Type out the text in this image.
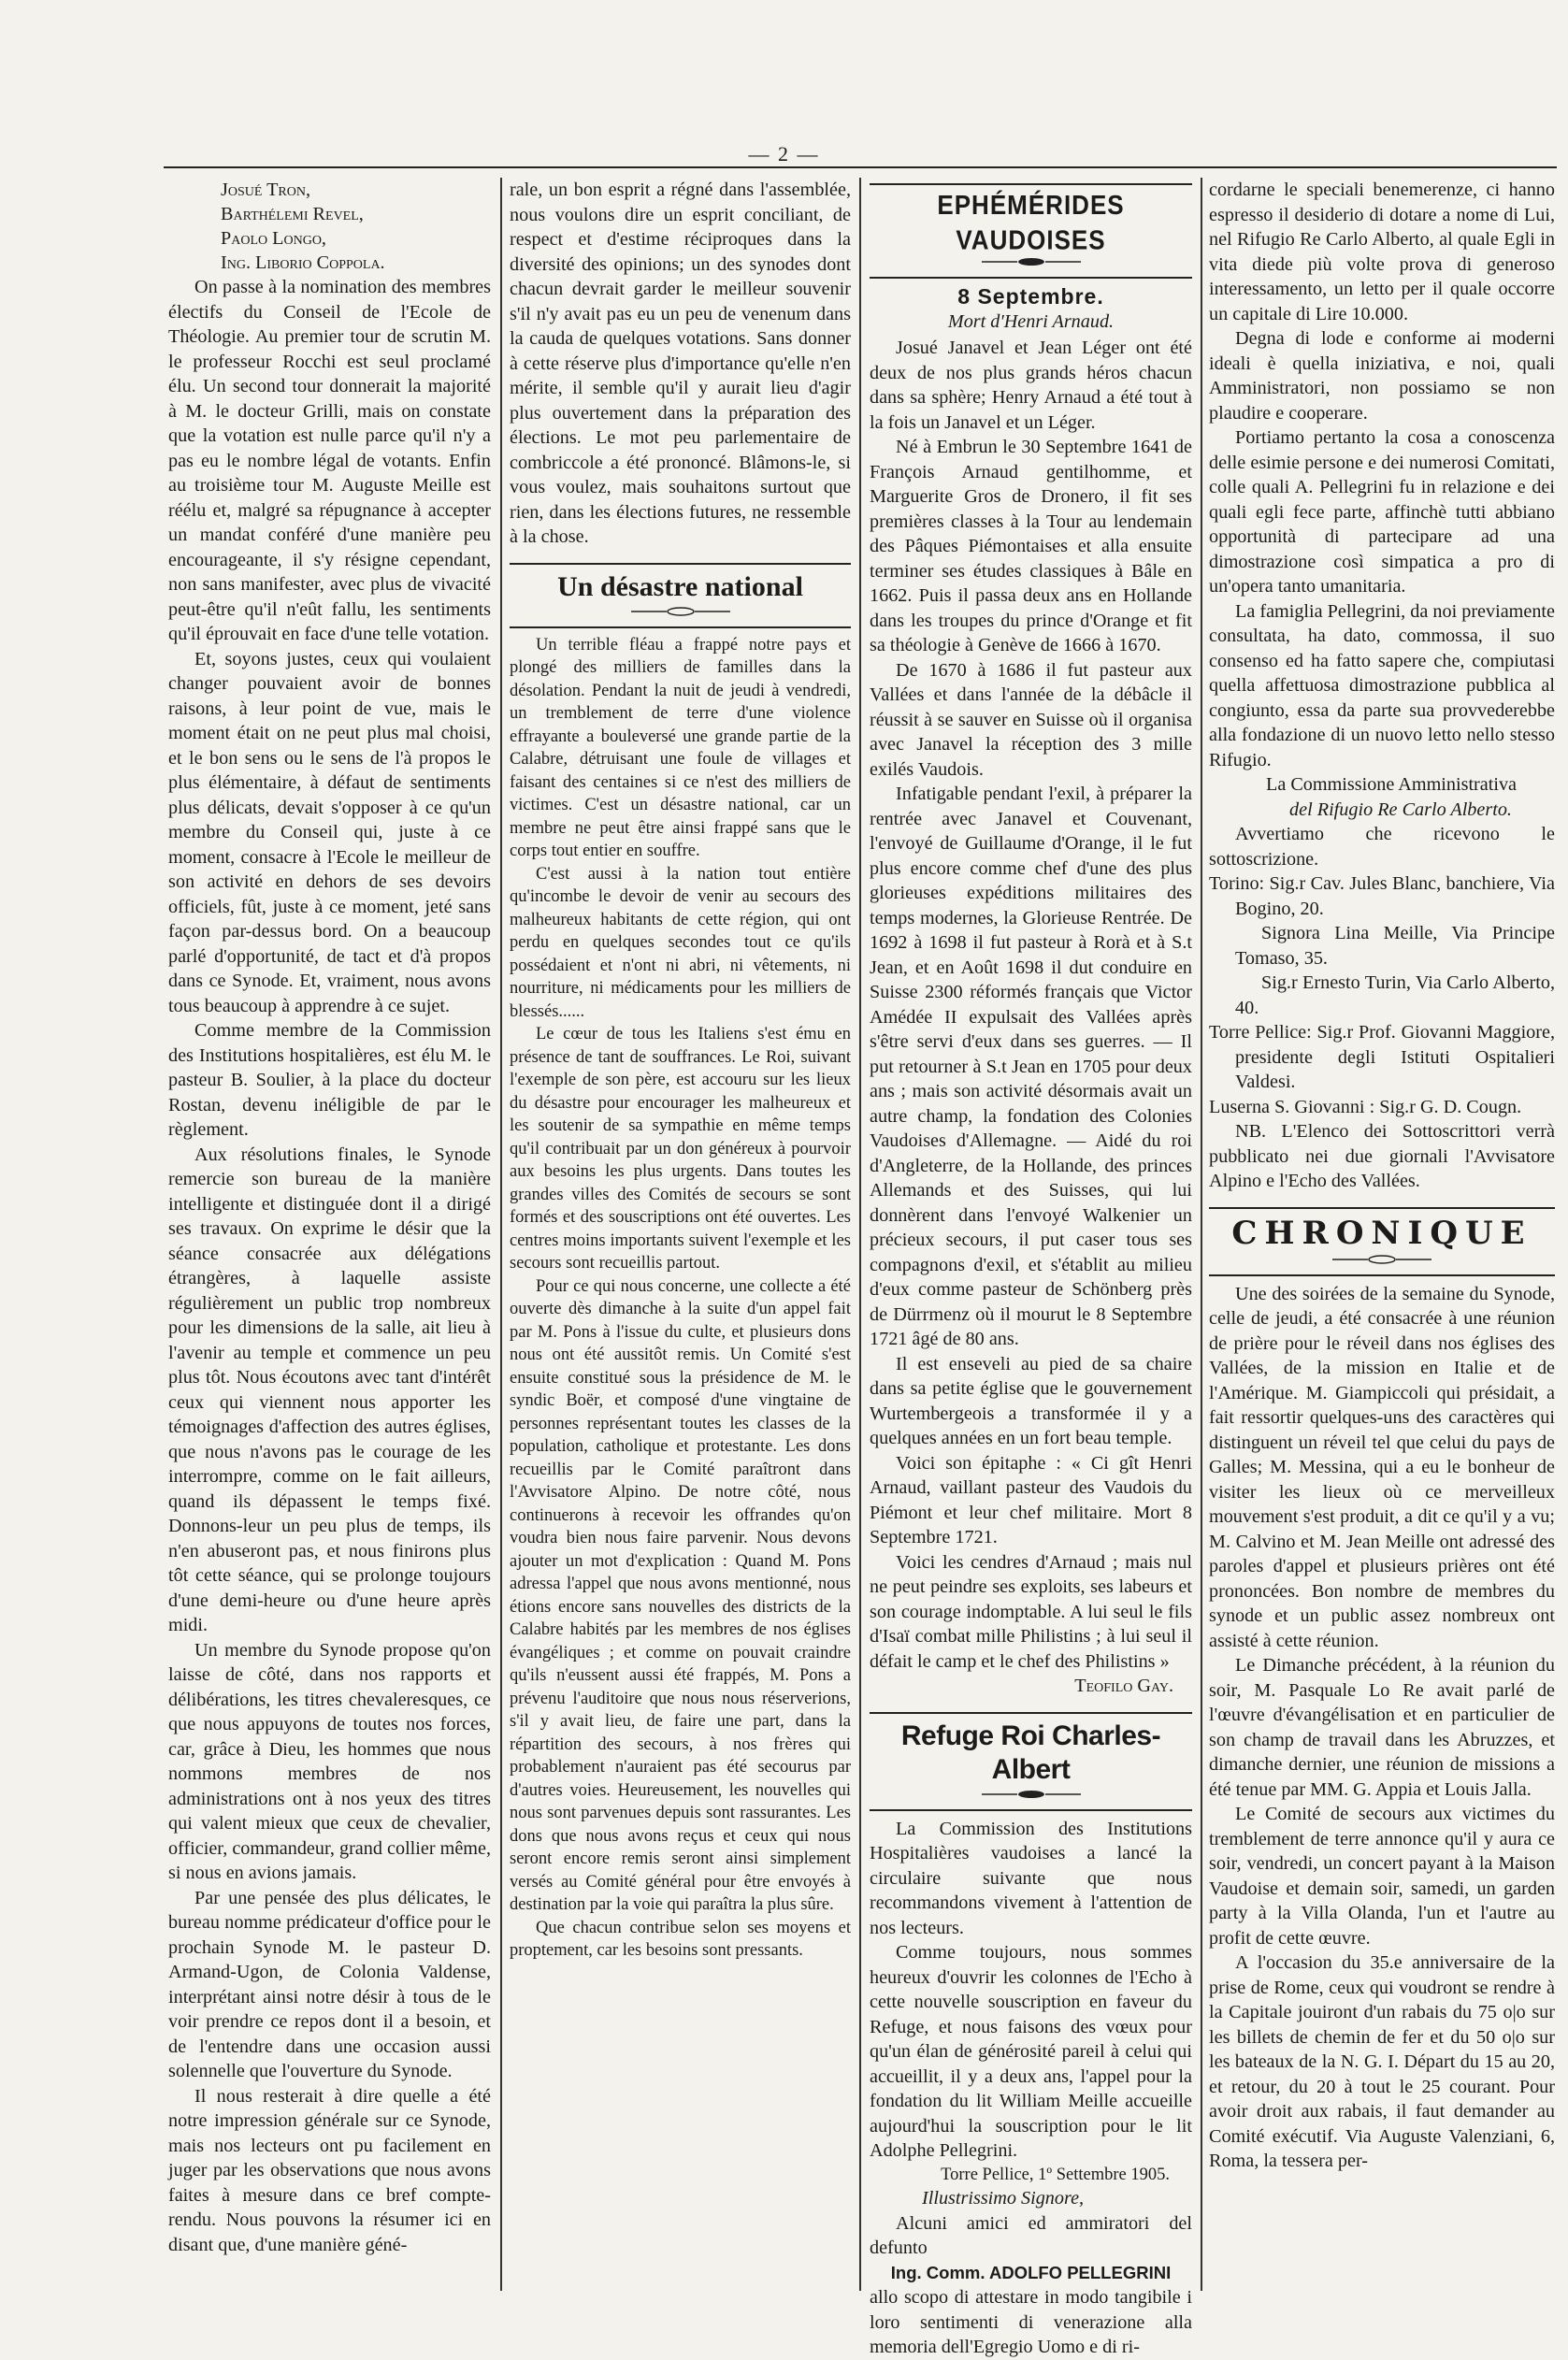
— 2 —

Josué Tron,

Barthélemi Revel,

Paolo Longo,

Ing. Liborio Coppola.

On passe à la nomination des membres électifs du Conseil de l'Ecole de Théologie. Au premier tour de scrutin M. le professeur Rocchi est seul proclamé élu. Un second tour donnerait la majorité à M. le docteur Grilli, mais on constate que la votation est nulle parce qu'il n'y a pas eu le nombre légal de votants. Enfin au troisième tour M. Auguste Meille est réélu et, malgré sa répugnance à accepter un mandat conféré d'une manière peu encourageante, il s'y résigne cependant, non sans manifester, avec plus de vivacité peut-être qu'il n'eût fallu, les sentiments qu'il éprouvait en face d'une telle votation.

Et, soyons justes, ceux qui voulaient changer pouvaient avoir de bonnes raisons, à leur point de vue, mais le moment était on ne peut plus mal choisi, et le bon sens ou le sens de l'à propos le plus élémentaire, à défaut de sentiments plus délicats, devait s'opposer à ce qu'un membre du Conseil qui, juste à ce moment, consacre à l'Ecole le meilleur de son activité en dehors de ses devoirs officiels, fût, juste à ce moment, jeté sans façon par-dessus bord. On a beaucoup parlé d'opportunité, de tact et d'à propos dans ce Synode. Et, vraiment, nous avons tous beaucoup à apprendre à ce sujet.

Comme membre de la Commission des Institutions hospitalières, est élu M. le pasteur B. Soulier, à la place du docteur Rostan, devenu inéligible de par le règlement.

Aux résolutions finales, le Synode remercie son bureau de la manière intelligente et distinguée dont il a dirigé ses travaux. On exprime le désir que la séance consacrée aux délégations étrangères, à laquelle assiste régulièrement un public trop nombreux pour les dimensions de la salle, ait lieu à l'avenir au temple et commence un peu plus tôt. Nous écoutons avec tant d'intérêt ceux qui viennent nous apporter les témoignages d'affection des autres églises, que nous n'avons pas le courage de les interrompre, comme on le fait ailleurs, quand ils dépassent le temps fixé. Donnons-leur un peu plus de temps, ils n'en abuseront pas, et nous finirons plus tôt cette séance, qui se prolonge toujours d'une demi-heure ou d'une heure après midi.

Un membre du Synode propose qu'on laisse de côté, dans nos rapports et délibérations, les titres chevaleresques, ce que nous appuyons de toutes nos forces, car, grâce à Dieu, les hommes que nous nommons membres de nos administrations ont à nos yeux des titres qui valent mieux que ceux de chevalier, officier, commandeur, grand collier même, si nous en avions jamais.

Par une pensée des plus délicates, le bureau nomme prédicateur d'office pour le prochain Synode M. le pasteur D. Armand-Ugon, de Colonia Valdense, interprétant ainsi notre désir à tous de le voir prendre ce repos dont il a besoin, et de l'entendre dans une occasion aussi solennelle que l'ouverture du Synode.

Il nous resterait à dire quelle a été notre impression générale sur ce Synode, mais nos lecteurs ont pu facilement en juger par les observations que nous avons faites à mesure dans ce bref compte-rendu. Nous pouvons la résumer ici en disant que, d'une manière géné-

rale, un bon esprit a régné dans l'assemblée, nous voulons dire un esprit conciliant, de respect et d'estime réciproques dans la diversité des opinions; un des synodes dont chacun devrait garder le meilleur souvenir s'il n'y avait pas eu un peu de venenum dans la cauda de quelques votations. Sans donner à cette réserve plus d'importance qu'elle n'en mérite, il semble qu'il y aurait lieu d'agir plus ouvertement dans la préparation des élections. Le mot peu parlementaire de combriccole a été prononcé. Blâmons-le, si vous voulez, mais souhaitons surtout que rien, dans les élections futures, ne ressemble à la chose.

Un désastre national

Un terrible fléau a frappé notre pays et plongé des milliers de familles dans la désolation. Pendant la nuit de jeudi à vendredi, un tremblement de terre d'une violence effrayante a bouleversé une grande partie de la Calabre, détruisant une foule de villages et faisant des centaines si ce n'est des milliers de victimes. C'est un désastre national, car un membre ne peut être ainsi frappé sans que le corps tout entier en souffre.

C'est aussi à la nation tout entière qu'incombe le devoir de venir au secours des malheureux habitants de cette région, qui ont perdu en quelques secondes tout ce qu'ils possédaient et n'ont ni abri, ni vêtements, ni nourriture, ni médicaments pour les milliers de blessés......

Le cœur de tous les Italiens s'est ému en présence de tant de souffrances. Le Roi, suivant l'exemple de son père, est accouru sur les lieux du désastre pour encourager les malheureux et les soutenir de sa sympathie en même temps qu'il contribuait par un don généreux à pourvoir aux besoins les plus urgents. Dans toutes les grandes villes des Comités de secours se sont formés et des souscriptions ont été ouvertes. Les centres moins importants suivent l'exemple et les secours sont recueillis partout.

Pour ce qui nous concerne, une collecte a été ouverte dès dimanche à la suite d'un appel fait par M. Pons à l'issue du culte, et plusieurs dons nous ont été aussitôt remis. Un Comité s'est ensuite constitué sous la présidence de M. le syndic Boër, et composé d'une vingtaine de personnes représentant toutes les classes de la population, catholique et protestante. Les dons recueillis par le Comité paraîtront dans l'Avvisatore Alpino. De notre côté, nous continuerons à recevoir les offrandes qu'on voudra bien nous faire parvenir. Nous devons ajouter un mot d'explication : Quand M. Pons adressa l'appel que nous avons mentionné, nous étions encore sans nouvelles des districts de la Calabre habités par les membres de nos églises évangéliques ; et comme on pouvait craindre qu'ils n'eussent aussi été frappés, M. Pons a prévenu l'auditoire que nous nous réserverions, s'il y avait lieu, de faire une part, dans la répartition des secours, à nos frères qui probablement n'auraient pas été secourus par d'autres voies. Heureusement, les nouvelles qui nous sont parvenues depuis sont rassurantes. Les dons que nous avons reçus et ceux qui nous seront encore remis seront ainsi simplement versés au Comité général pour être envoyés à destination par la voie qui paraîtra la plus sûre.

Que chacun contribue selon ses moyens et proptement, car les besoins sont pressants.

EPHÉMÉRIDES VAUDOISES
8 Septembre.
Mort d'Henri Arnaud.

Josué Janavel et Jean Léger ont été deux de nos plus grands héros chacun dans sa sphère; Henry Arnaud a été tout à la fois un Janavel et un Léger.

Né à Embrun le 30 Septembre 1641 de François Arnaud gentilhomme, et Marguerite Gros de Dronero, il fit ses premières classes à la Tour au lendemain des Pâques Piémontaises et alla ensuite terminer ses études classiques à Bâle en 1662. Puis il passa deux ans en Hollande dans les troupes du prince d'Orange et fit sa théologie à Genève de 1666 à 1670.

De 1670 à 1686 il fut pasteur aux Vallées et dans l'année de la débâcle il réussit à se sauver en Suisse où il organisa avec Janavel la réception des 3 mille exilés Vaudois.

Infatigable pendant l'exil, à préparer la rentrée avec Janavel et Couvenant, l'envoyé de Guillaume d'Orange, il le fut plus encore comme chef d'une des plus glorieuses expéditions militaires des temps modernes, la Glorieuse Rentrée. De 1692 à 1698 il fut pasteur à Rorà et à S.t Jean, et en Août 1698 il dut conduire en Suisse 2300 réformés français que Victor Amédée II expulsait des Vallées après s'être servi d'eux dans ses guerres. — Il put retourner à S.t Jean en 1705 pour deux ans ; mais son activité désormais avait un autre champ, la fondation des Colonies Vaudoises d'Allemagne. — Aidé du roi d'Angleterre, de la Hollande, des princes Allemands et des Suisses, qui lui donnèrent dans l'envoyé Walkenier un précieux secours, il put caser tous ses compagnons d'exil, et s'établit au milieu d'eux comme pasteur de Schönberg près de Dürrmenz où il mourut le 8 Septembre 1721 âgé de 80 ans.

Il est enseveli au pied de sa chaire dans sa petite église que le gouvernement Wurtembergeois a transformée il y a quelques années en un fort beau temple.

Voici son épitaphe : « Ci gît Henri Arnaud, vaillant pasteur des Vaudois du Piémont et leur chef militaire. Mort 8 Septembre 1721.

Voici les cendres d'Arnaud ; mais nul ne peut peindre ses exploits, ses labeurs et son courage indomptable. A lui seul le fils d'Isaï combat mille Philistins ; à lui seul il défait le camp et le chef des Philistins »

Teofilo Gay.

Refuge Roi Charles-Albert

La Commission des Institutions Hospitalières vaudoises a lancé la circulaire suivante que nous recommandons vivement à l'attention de nos lecteurs.

Comme toujours, nous sommes heureux d'ouvrir les colonnes de l'Echo à cette nouvelle souscription en faveur du Refuge, et nous faisons des vœux pour qu'un élan de générosité pareil à celui qui accueillit, il y a deux ans, l'appel pour la fondation du lit William Meille accueille aujourd'hui la souscription pour le lit Adolphe Pellegrini.

Torre Pellice, 1º Settembre 1905.

Illustrissimo Signore,

Alcuni amici ed ammiratori del defunto

Ing. Comm. ADOLFO PELLEGRINI

allo scopo di attestare in modo tangibile i loro sentimenti di venerazione alla memoria dell'Egregio Uomo e di ri-

cordarne le speciali benemerenze, ci hanno espresso il desiderio di dotare a nome di Lui, nel Rifugio Re Carlo Alberto, al quale Egli in vita diede più volte prova di generoso interessamento, un letto per il quale occorre un capitale di Lire 10.000.

Degna di lode e conforme ai moderni ideali è quella iniziativa, e noi, quali Amministratori, non possiamo se non plaudire e cooperare.

Portiamo pertanto la cosa a conoscenza delle esimie persone e dei numerosi Comitati, colle quali A. Pellegrini fu in relazione e dei quali egli fece parte, affinchè tutti abbiano opportunità di partecipare ad una dimostrazione così simpatica a pro di un'opera tanto umanitaria.

La famiglia Pellegrini, da noi previamente consultata, ha dato, commossa, il suo consenso ed ha fatto sapere che, compiutasi quella affettuosa dimostrazione pubblica al congiunto, essa da parte sua provvederebbe alla fondazione di un nuovo letto nello stesso Rifugio.

La Commissione Amministrativa

del Rifugio Re Carlo Alberto.

Avvertiamo che ricevono le sottoscrizione.

Torino: Sig.r Cav. Jules Blanc, banchiere, Via Bogino, 20.

Signora Lina Meille, Via Principe Tomaso, 35.

Sig.r Ernesto Turin, Via Carlo Alberto, 40.

Torre Pellice: Sig.r Prof. Giovanni Maggiore, presidente degli Istituti Ospitalieri Valdesi.

Luserna S. Giovanni : Sig.r G. D. Cougn.

NB. L'Elenco dei Sottoscrittori verrà pubblicato nei due giornali l'Avvisatore Alpino e l'Echo des Vallées.

CHRONIQUE

Une des soirées de la semaine du Synode, celle de jeudi, a été consacrée à une réunion de prière pour le réveil dans nos églises des Vallées, de la mission en Italie et de l'Amérique. M. Giampiccoli qui présidait, a fait ressortir quelques-uns des caractères qui distinguent un réveil tel que celui du pays de Galles; M. Messina, qui a eu le bonheur de visiter les lieux où ce merveilleux mouvement s'est produit, a dit ce qu'il y a vu; M. Calvino et M. Jean Meille ont adressé des paroles d'appel et plusieurs prières ont été prononcées. Bon nombre de membres du synode et un public assez nombreux ont assisté à cette réunion.

Le Dimanche précédent, à la réunion du soir, M. Pasquale Lo Re avait parlé de l'œuvre d'évangélisation et en particulier de son champ de travail dans les Abruzzes, et dimanche dernier, une réunion de missions a été tenue par MM. G. Appia et Louis Jalla.

Le Comité de secours aux victimes du tremblement de terre annonce qu'il y aura ce soir, vendredi, un concert payant à la Maison Vaudoise et demain soir, samedi, un garden party à la Villa Olanda, l'un et l'autre au profit de cette œuvre.

A l'occasion du 35.e anniversaire de la prise de Rome, ceux qui voudront se rendre à la Capitale jouiront d'un rabais du 75 o|o sur les billets de chemin de fer et du 50 o|o sur les bateaux de la N. G. I. Départ du 15 au 20, et retour, du 20 à tout le 25 courant. Pour avoir droit aux rabais, il faut demander au Comité exécutif. Via Auguste Valenziani, 6, Roma, la tessera per-
